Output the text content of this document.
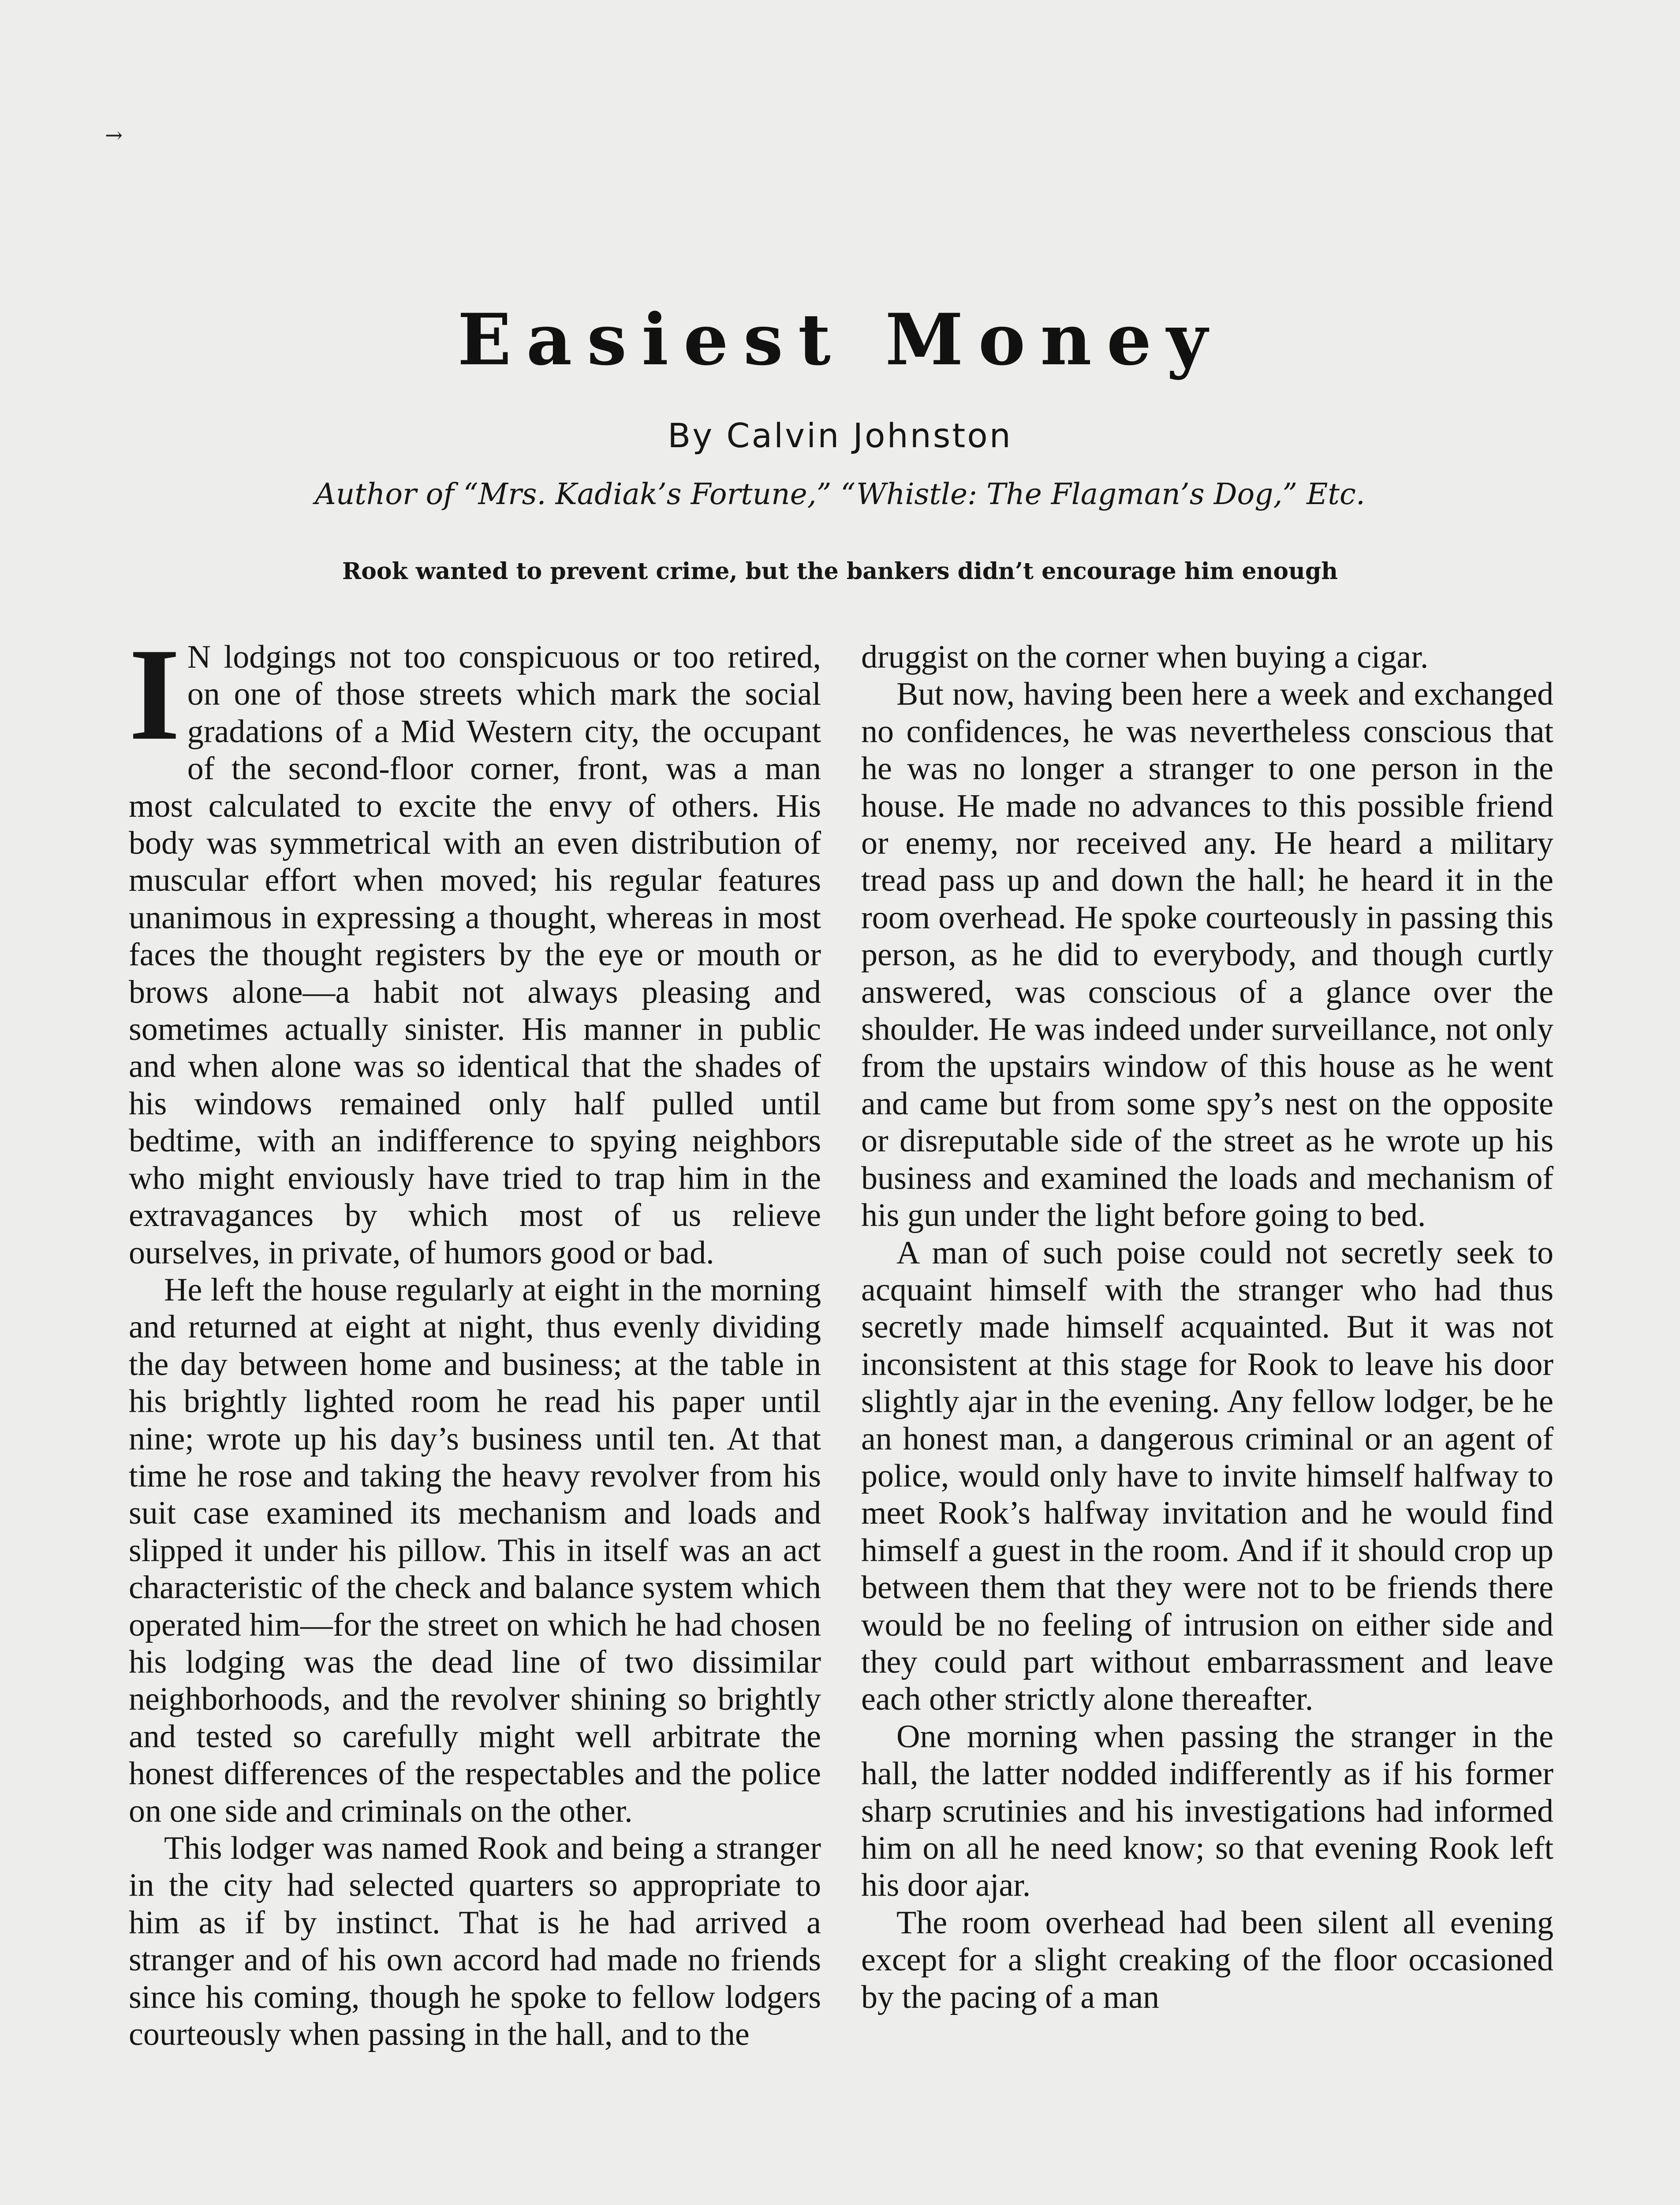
→
Easiest Money
By Calvin Johnston
Author of “Mrs. Kadiak’s Fortune,” “Whistle: The Flagman’s Dog,” Etc.
Rook wanted to prevent crime, but the bankers didn’t encourage him enough

I N lodgings not too conspicuous or too retired, on one of those streets which mark the social gradations of a Mid Western city, the occupant of the second-floor corner, front, was a man most calculated to excite the envy of others. His body was symmetrical with an even distribution of muscular effort when moved; his regular features unanimous in expressing a thought, whereas in most faces the thought registers by the eye or mouth or brows alone—a habit not always pleasing and sometimes actually sinister. His manner in public and when alone was so identical that the shades of his windows remained only half pulled until bedtime, with an indifference to spying neighbors who might enviously have tried to trap him in the extravagances by which most of us relieve ourselves, in private, of humors good or bad.

He left the house regularly at eight in the morning and returned at eight at night, thus evenly dividing the day between home and business; at the table in his brightly lighted room he read his paper until nine; wrote up his day’s business until ten. At that time he rose and taking the heavy revolver from his suit case examined its mechanism and loads and slipped it under his pillow. This in itself was an act characteristic of the check and balance system which operated him—for the street on which he had chosen his lodging was the dead line of two dissimilar neighborhoods, and the revolver shining so brightly and tested so carefully might well arbitrate the honest differences of the respectables and the police on one side and criminals on the other.

This lodger was named Rook and being a stranger in the city had selected quarters so appropriate to him as if by instinct. That is he had arrived a stranger and of his own accord had made no friends since his coming, though he spoke to fellow lodgers courteously when passing in the hall, and to the

druggist on the corner when buying a cigar.

But now, having been here a week and exchanged no confidences, he was nevertheless conscious that he was no longer a stranger to one person in the house. He made no advances to this possible friend or enemy, nor received any. He heard a military tread pass up and down the hall; he heard it in the room overhead. He spoke courteously in passing this person, as he did to everybody, and though curtly answered, was conscious of a glance over the shoulder. He was indeed under surveillance, not only from the upstairs window of this house as he went and came but from some spy’s nest on the opposite or disreputable side of the street as he wrote up his business and examined the loads and mechanism of his gun under the light before going to bed.

A man of such poise could not secretly seek to acquaint himself with the stranger who had thus secretly made himself acquainted. But it was not inconsistent at this stage for Rook to leave his door slightly ajar in the evening. Any fellow lodger, be he an honest man, a dangerous criminal or an agent of police, would only have to invite himself halfway to meet Rook’s halfway invitation and he would find himself a guest in the room. And if it should crop up between them that they were not to be friends there would be no feeling of intrusion on either side and they could part without embarrassment and leave each other strictly alone thereafter.

One morning when passing the stranger in the hall, the latter nodded indifferently as if his former sharp scrutinies and his investigations had informed him on all he need know; so that evening Rook left his door ajar.

The room overhead had been silent all evening except for a slight creaking of the floor occasioned by the pacing of a man
